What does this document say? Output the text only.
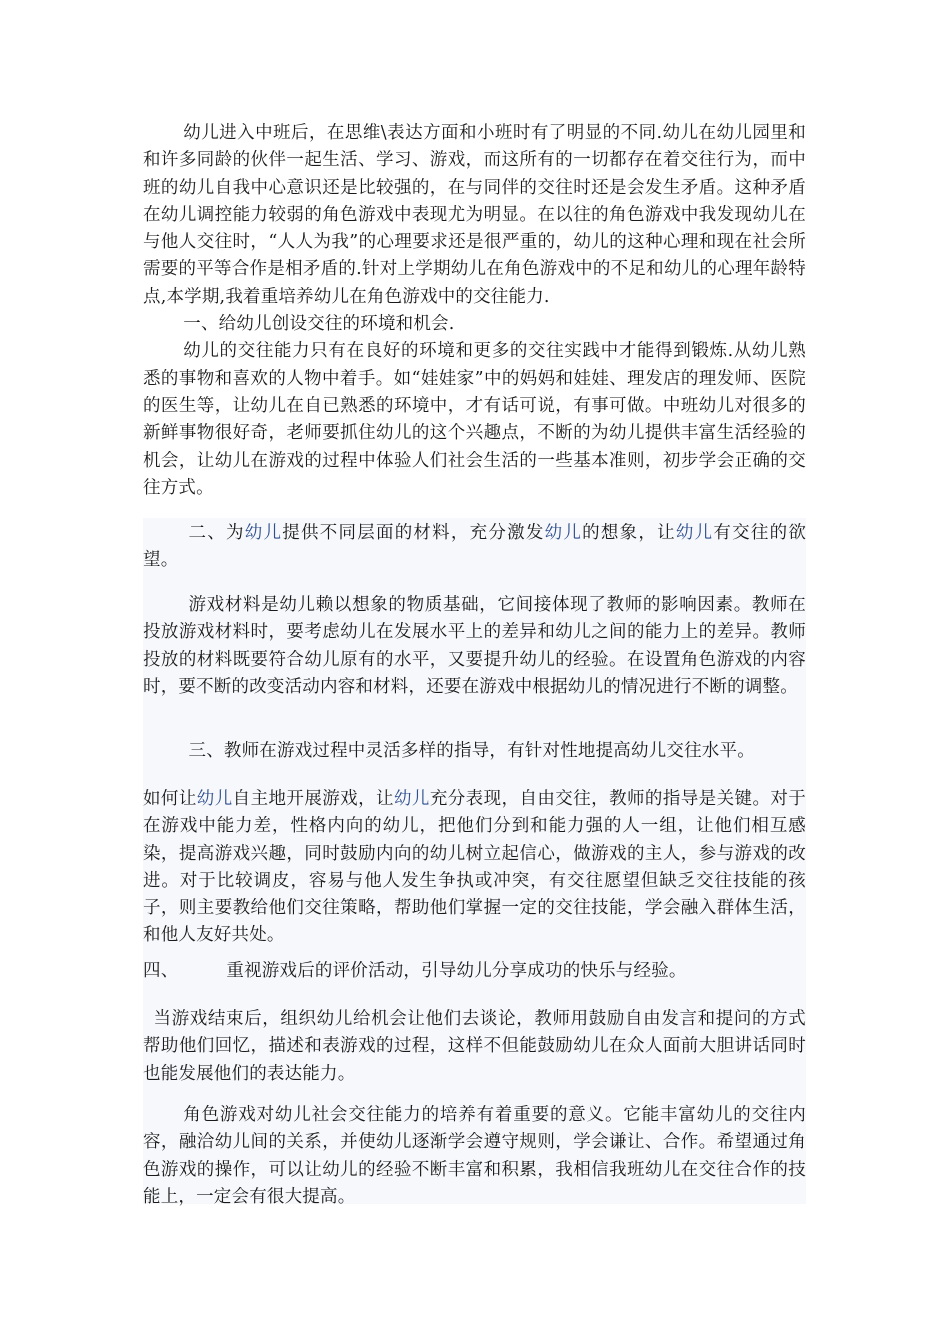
幼儿进入中班后，在思维\表达方面和小班时有了明显的不同.幼儿在幼儿园里和和许多同龄的伙伴一起生活、学习、游戏，而这所有的一切都存在着交往行为，而中班的幼儿自我中心意识还是比较强的，在与同伴的交往时还是会发生矛盾。这种矛盾在幼儿调控能力较弱的角色游戏中表现尤为明显。在以往的角色游戏中我发现幼儿在与他人交往时，“人人为我”的心理要求还是很严重的，幼儿的这种心理和现在社会所需要的平等合作是相矛盾的.针对上学期幼儿在角色游戏中的不足和幼儿的心理年龄特点,本学期,我着重培养幼儿在角色游戏中的交往能力.

一、给幼儿创设交往的环境和机会.

幼儿的交往能力只有在良好的环境和更多的交往实践中才能得到锻炼.从幼儿熟悉的事物和喜欢的人物中着手。如“娃娃家”中的妈妈和娃娃、理发店的理发师、医院的医生等，让幼儿在自已熟悉的环境中，才有话可说，有事可做。中班幼儿对很多的新鲜事物很好奇，老师要抓住幼儿的这个兴趣点，不断的为幼儿提供丰富生活经验的机会，让幼儿在游戏的过程中体验人们社会生活的一些基本准则，初步学会正确的交往方式。

二、为幼儿提供不同层面的材料，充分激发幼儿的想象，让幼儿有交往的欲望。

游戏材料是幼儿赖以想象的物质基础，它间接体现了教师的影响因素。教师在投放游戏材料时，要考虑幼儿在发展水平上的差异和幼儿之间的能力上的差异。教师投放的材料既要符合幼儿原有的水平，又要提升幼儿的经验。在设置角色游戏的内容时，要不断的改变活动内容和材料，还要在游戏中根据幼儿的情况进行不断的调整。

三、教师在游戏过程中灵活多样的指导，有针对性地提高幼儿交往水平。

如何让幼儿自主地开展游戏，让幼儿充分表现，自由交往，教师的指导是关键。对于在游戏中能力差，性格内向的幼儿，把他们分到和能力强的人一组，让他们相互感染，提高游戏兴趣，同时鼓励内向的幼儿树立起信心，做游戏的主人，参与游戏的改进。对于比较调皮，容易与他人发生争执或冲突，有交往愿望但缺乏交往技能的孩子，则主要教给他们交往策略，帮助他们掌握一定的交往技能，学会融入群体生活，和他人友好共处。

四、	重视游戏后的评价活动，引导幼儿分享成功的快乐与经验。

当游戏结束后，组织幼儿给机会让他们去谈论，教师用鼓励自由发言和提问的方式帮助他们回忆，描述和表游戏的过程，这样不但能鼓励幼儿在众人面前大胆讲话同时也能发展他们的表达能力。

角色游戏对幼儿社会交往能力的培养有着重要的意义。它能丰富幼儿的交往内容，融洽幼儿间的关系，并使幼儿逐渐学会遵守规则，学会谦让、合作。希望通过角色游戏的操作，可以让幼儿的经验不断丰富和积累，我相信我班幼儿在交往合作的技能上，一定会有很大提高。
